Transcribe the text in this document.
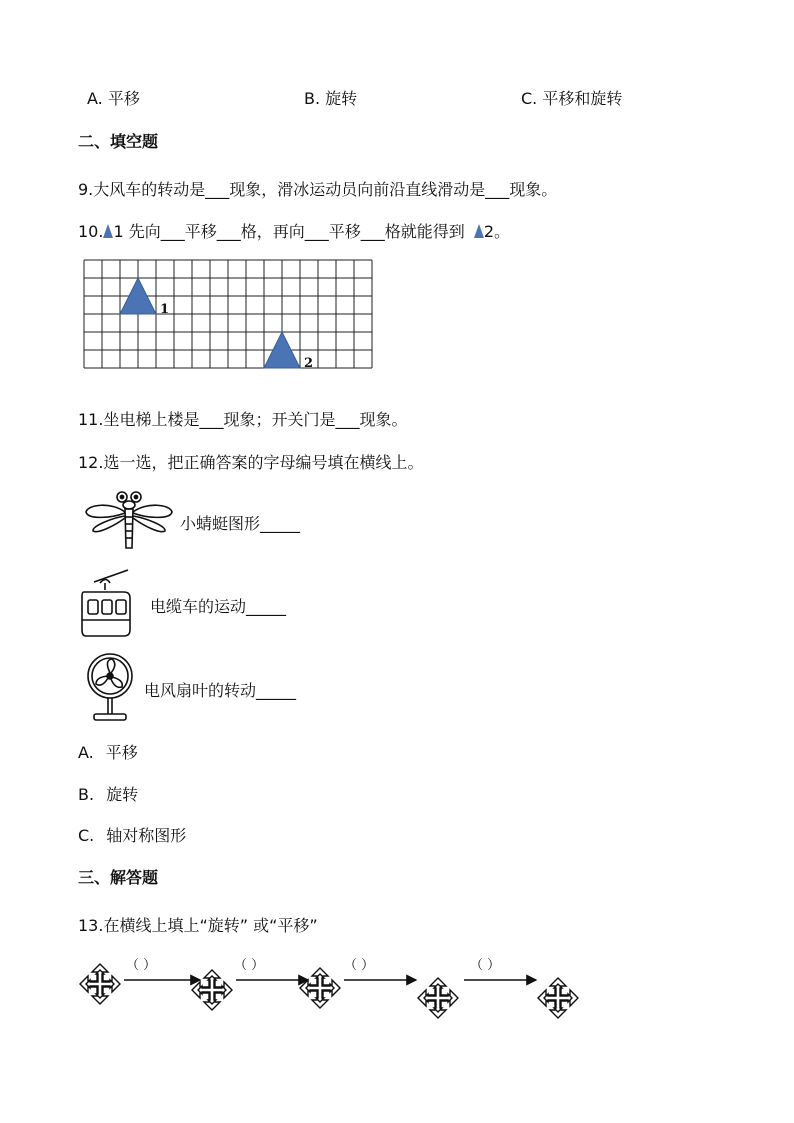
A. 平移	B. 旋转	C. 平移和旋转
二、填空题
9.大风车的转动是___现象，滑冰运动员向前沿直线滑动是___现象。
10. 1 先向___平移___格，再向___平移___格就能得到 2。
1
2
11.坐电梯上楼是___现象；开关门是___现象。
12.选一选，把正确答案的字母编号填在横线上。
小蜻蜓图形_____
电缆车的运动_____
电风扇叶的转动_____
A. 平移
B. 旋转
C. 轴对称图形
三、解答题
13.在横线上填上“旋转” 或“平移”
（ ）	（ ）	（ ）	（ ）
